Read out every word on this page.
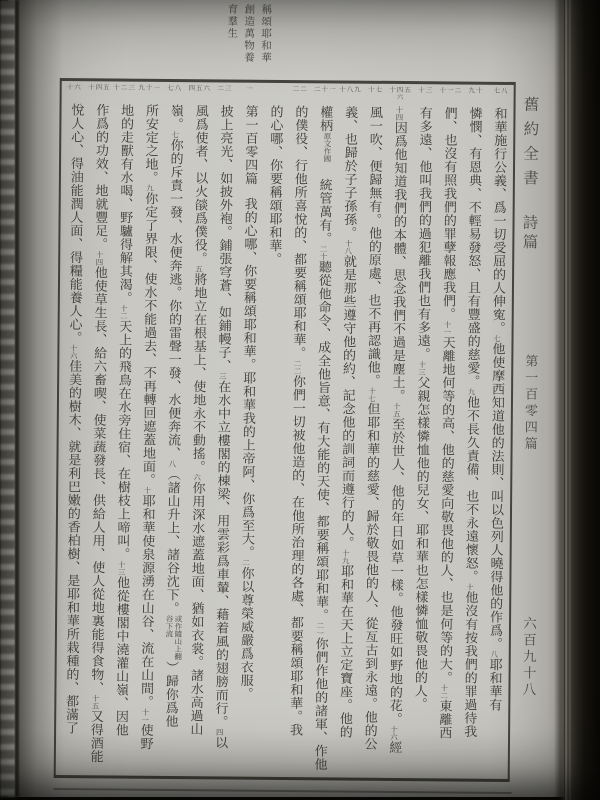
稱頌耶和華
創造萬物養
育羣生
七八
九十
十一二
十三
十四五六
十七
十八九
二十一
二二
一
二三
四五六
七八
九十一
十二三
十四五
十六
和華施行公義、爲一切受屈的人伸寃。七他使摩西知道他的法則、叫以色列人曉得他的作爲。八耶和華有
憐憫、有恩典、不輕易發怒、且有豐盛的慈愛。九他不長久責備、也不永遠懷怒。十他沒有按我們的罪過待我
們、也沒有照我們的罪孽報應我們。十一天離地何等的高、他的慈愛向敬畏他的人、也是何等的大。十二東離西
有多遠、他叫我們的過犯離我們也有多遠。十三父親怎樣憐恤他的兒女、耶和華也怎樣憐恤敬畏他的人。
十四因爲他知道我們的本體、思念我們不過是塵土。十五至於世人、他的年日如草一樣。他發旺如野地的花。十六經
風一吹、便歸無有。他的原處、也不再認識他。十七但耶和華的慈愛、歸於敬畏他的人、從亙古到永遠。他的公
義、也歸於子子孫孫。十八就是那些遵守他的約、記念他的訓詞而遵行的人。十九耶和華在天上立定寶座。他的
權柄原文作國統管萬有。二十聽從他命令、成全他旨意、有大能的天使、都要稱頌耶和華。二一你們作他的諸軍、作他
的僕役、行他所喜悅的、都要稱頌耶和華。二二你們一切被他造的、在他所治理的各處、都要稱頌耶和華。我
的心哪、你要稱頌耶和華。
第一百零四篇我的心哪、你要稱頌耶和華。耶和華我的上帝阿、你爲至大。二你以尊榮威嚴爲衣服。
披上亮光、如披外袍。鋪張穹蒼、如鋪幔子、三在水中立樓閣的棟梁、用雲彩爲車輦、藉着風的翅膀而行。四以
風爲使者、以火燄爲僕役。五將地立在根基上、使地永不動搖。六你用深水遮蓋地面、猶如衣裳。諸水高過山
嶺。七你的斥責一發、水便奔逃。你的雷聲一發、水便奔流、八（諸山升上、諸谷沈下。或作隨山上翻谷下流）歸你爲他
所安定之地。九你定了界限、使水不能過去、不再轉回遮蓋地面。十耶和華使泉源湧在山谷、流在山間。十一使野
地的走獸有水喝、野驢得解其渴。十二天上的飛鳥在水旁住宿、在樹枝上啼叫。十三他從樓閣中澆灌山嶺、因他
作爲的功效、地就豐足。十四他使草生長、給六畜喫、使菜蔬發長、供給人用、使人從地裏能得食物、十五又得酒能
悅人心、得油能潤人面、得糧能養人心。十六佳美的樹木、就是利巴嫩的香柏樹、是耶和華所栽種的、都滿了
舊約全書
詩篇
第一百零四篇
六百九十八
